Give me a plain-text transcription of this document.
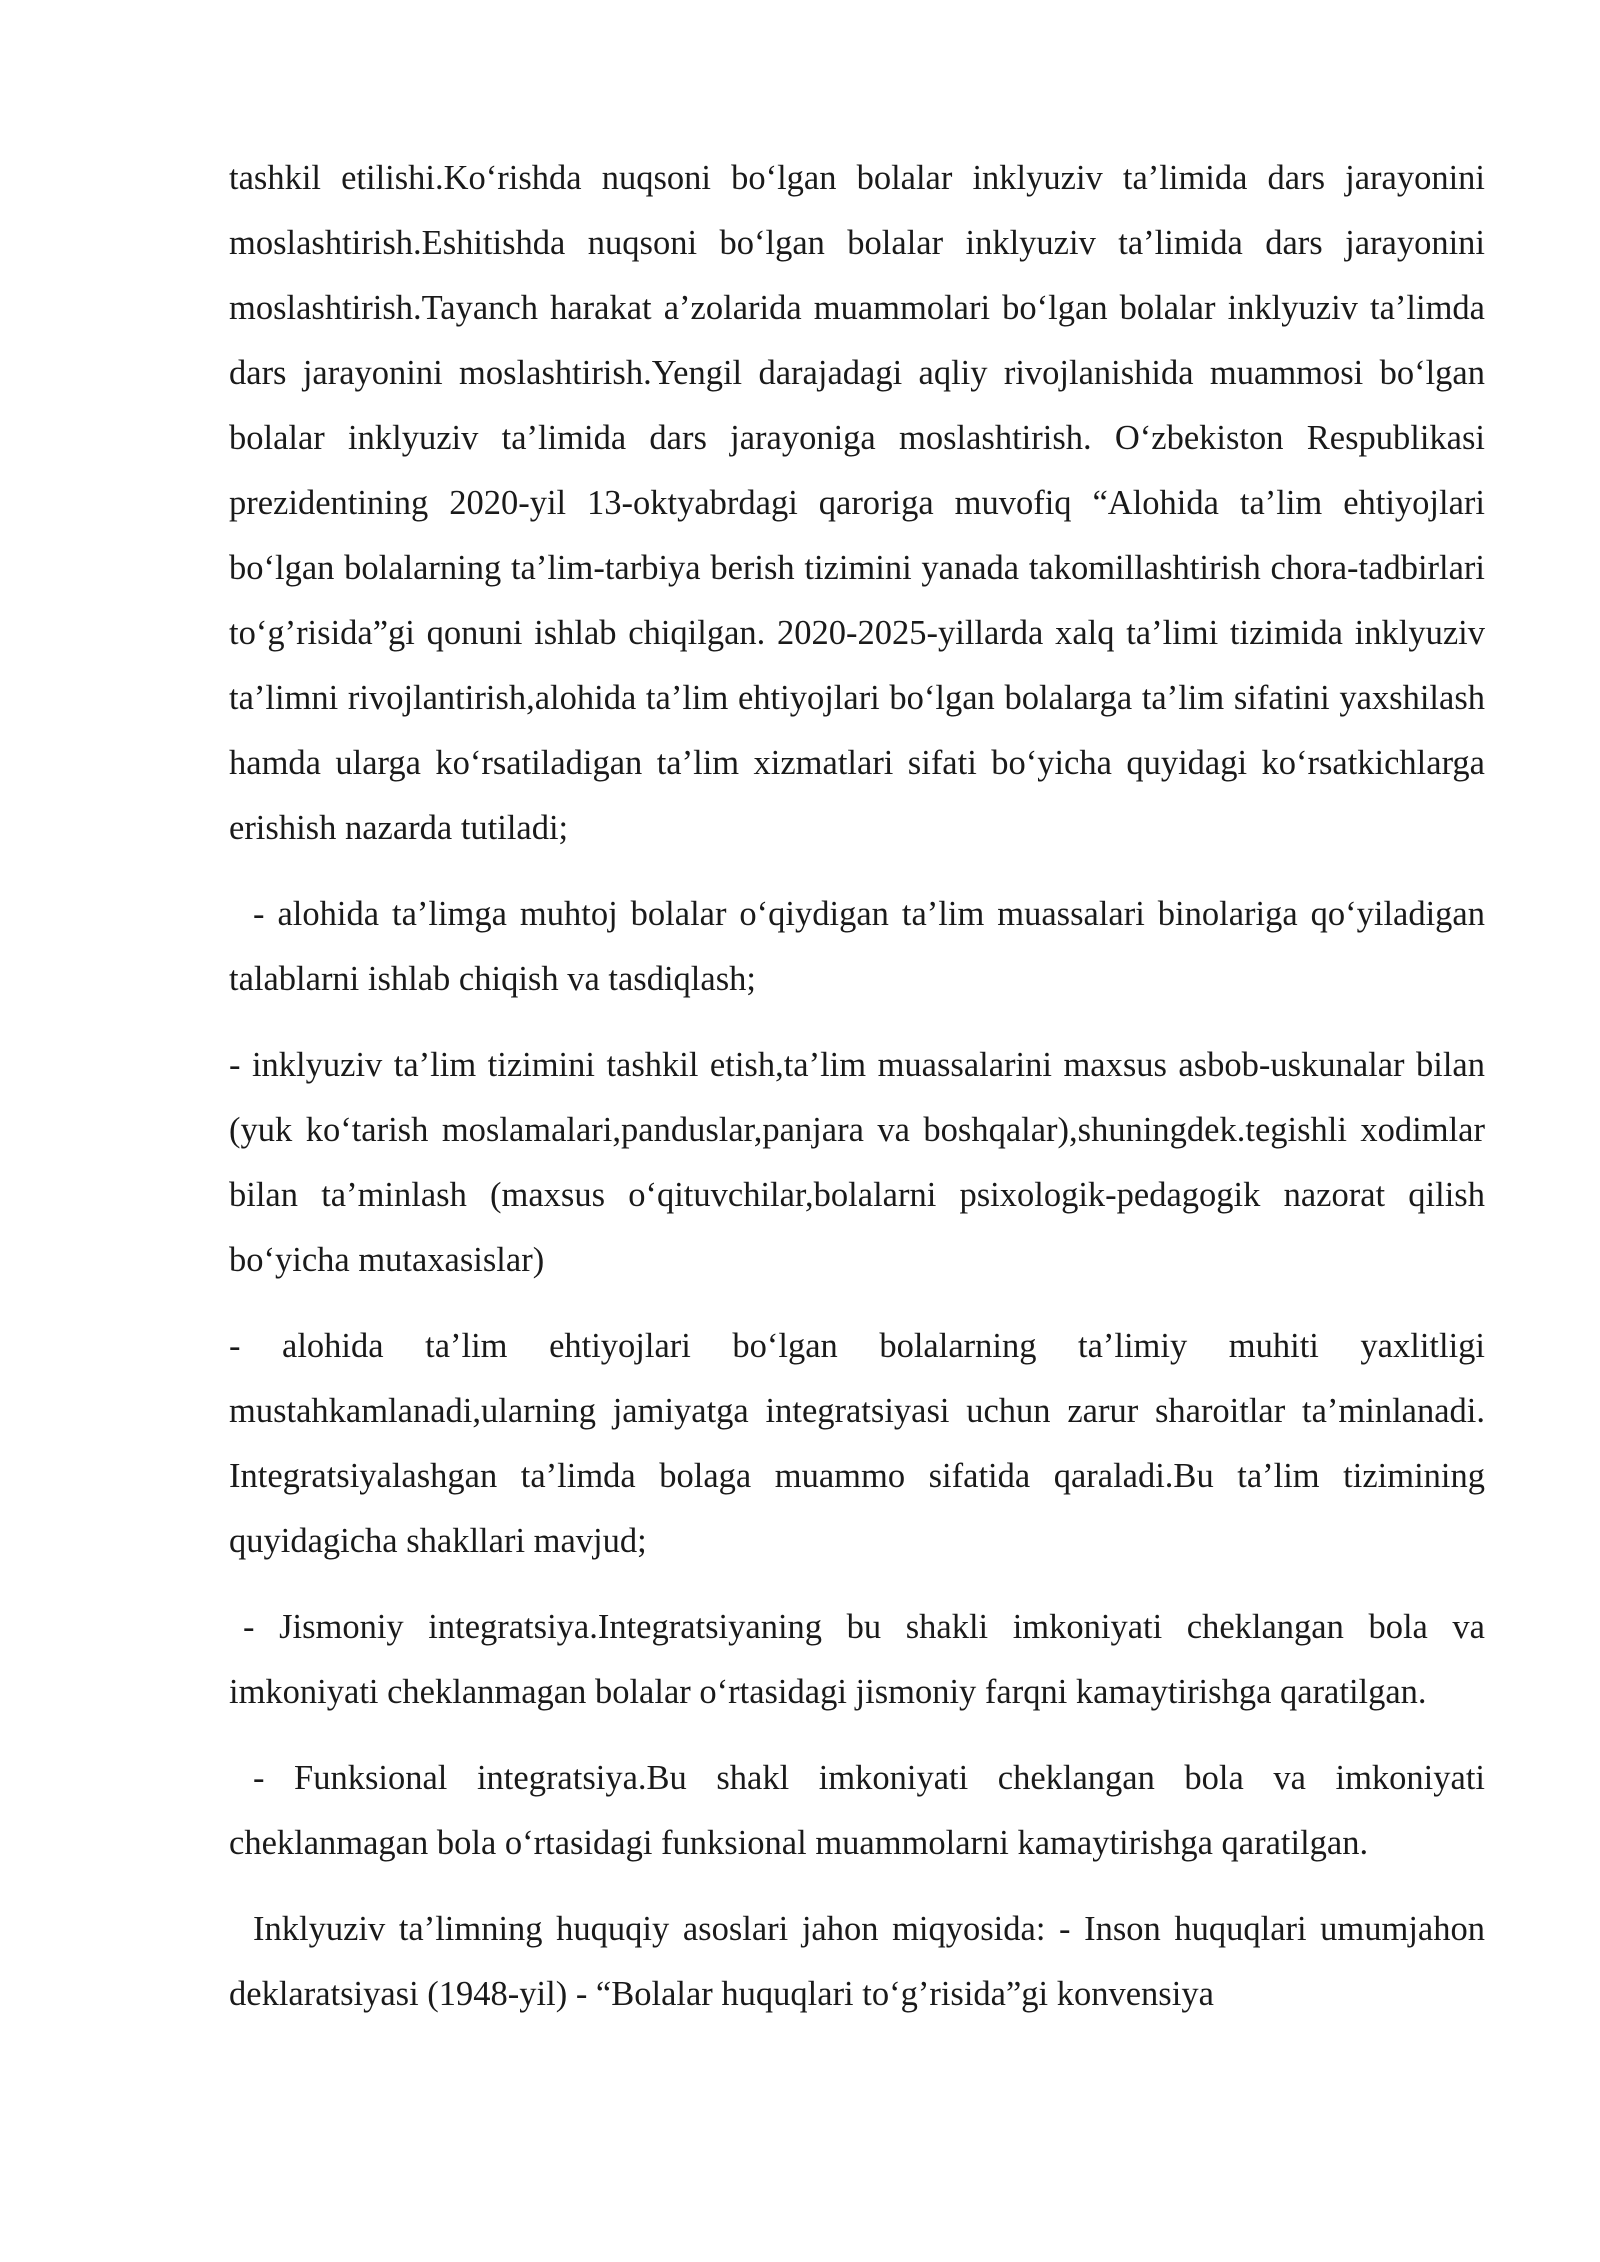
tashkil etilishi.Ko‘rishda nuqsoni bo‘lgan bolalar inklyuziv ta’limida dars jarayonini moslashtirish.Eshitishda nuqsoni bo‘lgan bolalar inklyuziv ta’limida dars jarayonini moslashtirish.Tayanch harakat a’zolarida muammolari bo‘lgan bolalar inklyuziv ta’limda dars jarayonini moslashtirish.Yengil darajadagi aqliy rivojlanishida muammosi bo‘lgan bolalar inklyuziv ta’limida dars jarayoniga moslashtirish. O‘zbekiston Respublikasi prezidentining 2020-yil 13-oktyabrdagi qaroriga muvofiq “Alohida ta’lim ehtiyojlari bo‘lgan bolalarning ta’lim-tarbiya berish tizimini yanada takomillashtirish chora-tadbirlari to‘g’risida”gi qonuni ishlab chiqilgan. 2020-2025-yillarda xalq ta’limi tizimida inklyuziv ta’limni rivojlantirish,alohida ta’lim ehtiyojlari bo‘lgan bolalarga ta’lim sifatini yaxshilash hamda ularga ko‘rsatiladigan ta’lim xizmatlari sifati bo‘yicha quyidagi ko‘rsatkichlarga erishish nazarda tutiladi;

- alohida ta’limga muhtoj bolalar o‘qiydigan ta’lim muassalari binolariga qo‘yiladigan talablarni ishlab chiqish va tasdiqlash;

- inklyuziv ta’lim tizimini tashkil etish,ta’lim muassalarini maxsus asbob-uskunalar bilan (yuk ko‘tarish moslamalari,panduslar,panjara va boshqalar),shuningdek.tegishli xodimlar bilan ta’minlash (maxsus o‘qituvchilar,bolalarni psixologik-pedagogik nazorat qilish bo‘yicha mutaxasislar)

- alohida ta’lim ehtiyojlari bo‘lgan bolalarning ta’limiy muhiti yaxlitligi mustahkamlanadi,ularning jamiyatga integratsiyasi uchun zarur sharoitlar ta’minlanadi. Integratsiyalashgan ta’limda bolaga muammo sifatida qaraladi.Bu ta’lim tizimining quyidagicha shakllari mavjud;

- Jismoniy integratsiya.Integratsiyaning bu shakli imkoniyati cheklangan bola va imkoniyati cheklanmagan bolalar o‘rtasidagi jismoniy farqni kamaytirishga qaratilgan.

- Funksional integratsiya.Bu shakl imkoniyati cheklangan bola va imkoniyati cheklanmagan bola o‘rtasidagi funksional muammolarni kamaytirishga qaratilgan.

Inklyuziv ta’limning huquqiy asoslari jahon miqyosida: - Inson huquqlari umumjahon deklaratsiyasi (1948-yil) - “Bolalar huquqlari to‘g’risida”gi konvensiya
